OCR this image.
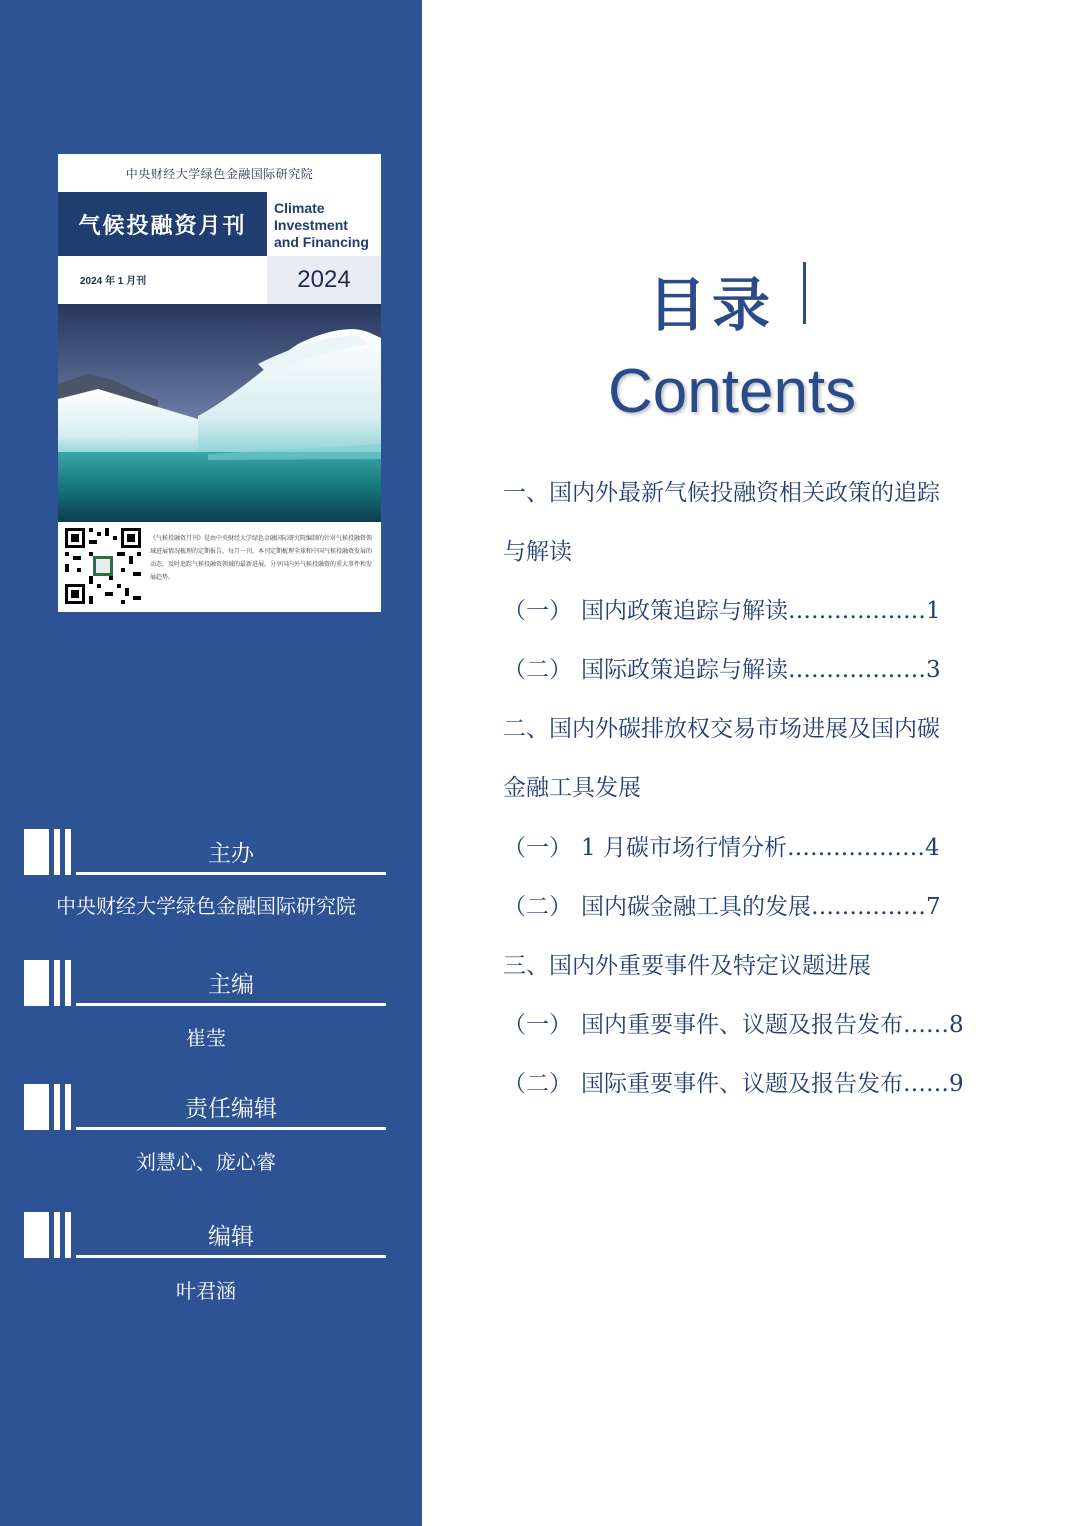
中央财经大学绿色金融国际研究院
气候投融资月刊
Climate
Investment
and Financing
2024 年 1 月刊	2024
《气候投融资月刊》是由中央财经大学绿色金融国际研究院编制的针对气候投融资领域进展情况梳理的定期报告，每月一刊。本刊定期梳理全球和中国气候投融资发展的动态，及时追踪气候投融资领域的最新进展，分享国内外气候投融资的重大事件和发展趋势。
主办
中央财经大学绿色金融国际研究院
主编
崔莹
责任编辑
刘慧心、庞心睿
编辑
叶君涵
目录
Contents
一、国内外最新气候投融资相关政策的追踪
与解读
（一） 国内政策追踪与解读………………1
（二） 国际政策追踪与解读………………3
二、国内外碳排放权交易市场进展及国内碳
金融工具发展
（一） 1 月碳市场行情分析………………4
（二） 国内碳金融工具的发展……………7
三、国内外重要事件及特定议题进展
（一） 国内重要事件、议题及报告发布……8
（二） 国际重要事件、议题及报告发布……9
